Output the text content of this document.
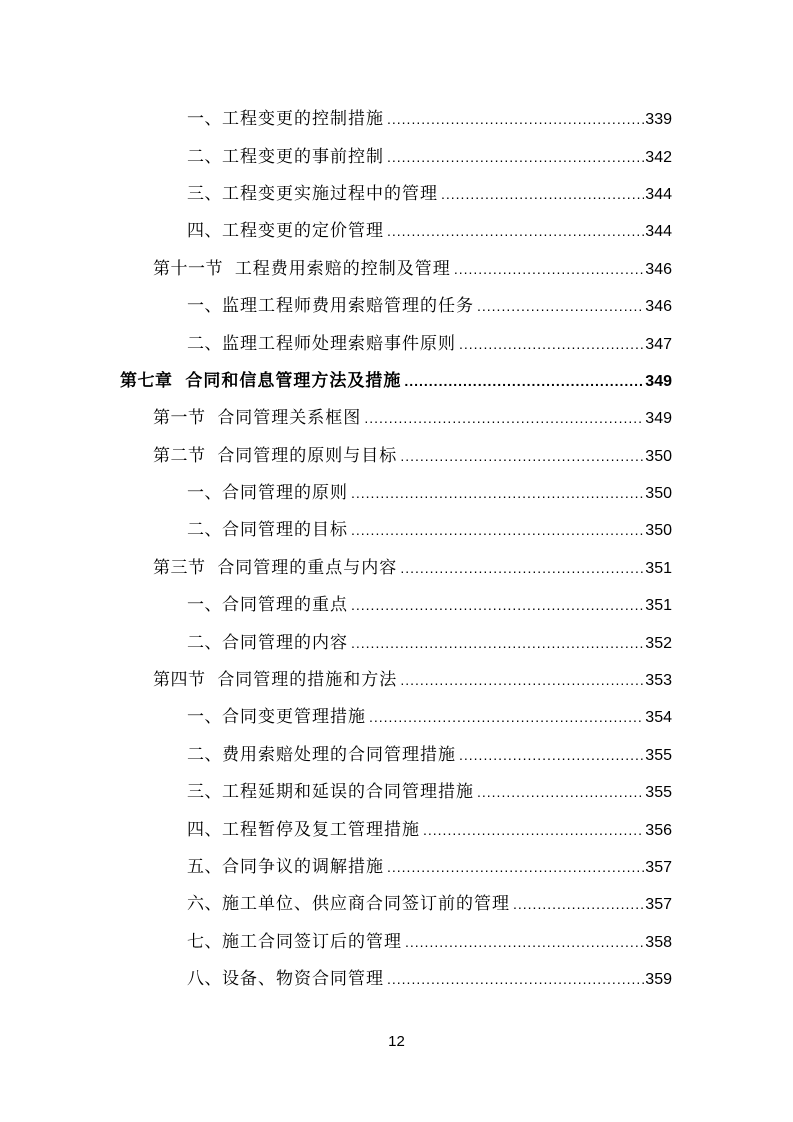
一、 工程变更的控制措施 .....	339
二、 工程变更的事前控制 .....	342
三、 工程变更实施过程中的管理 .....	344
四、 工程变更的定价管理 .....	344
第十一节 工程费用索赔的控制及管理 .....	346
一、 监理工程师费用索赔管理的任务 .....	346
二、 监理工程师处理索赔事件原则 .....	347
第七章 合同和信息管理方法及措施 .....	349
第一节 合同管理关系框图 .....	349
第二节 合同管理的原则与目标 .....	350
一、 合同管理的原则 .....	350
二、 合同管理的目标 .....	350
第三节 合同管理的重点与内容 .....	351
一、 合同管理的重点 .....	351
二、 合同管理的内容 .....	352
第四节 合同管理的措施和方法 .....	353
一、 合同变更管理措施 .....	354
二、 费用索赔处理的合同管理措施 .....	355
三、 工程延期和延误的合同管理措施 .....	355
四、 工程暂停及复工管理措施 .....	356
五、 合同争议的调解措施 .....	357
六、 施工单位、供应商合同签订前的管理 .....	357
七、 施工合同签订后的管理 .....	358
八、 设备、物资合同管理 .....	359
12
